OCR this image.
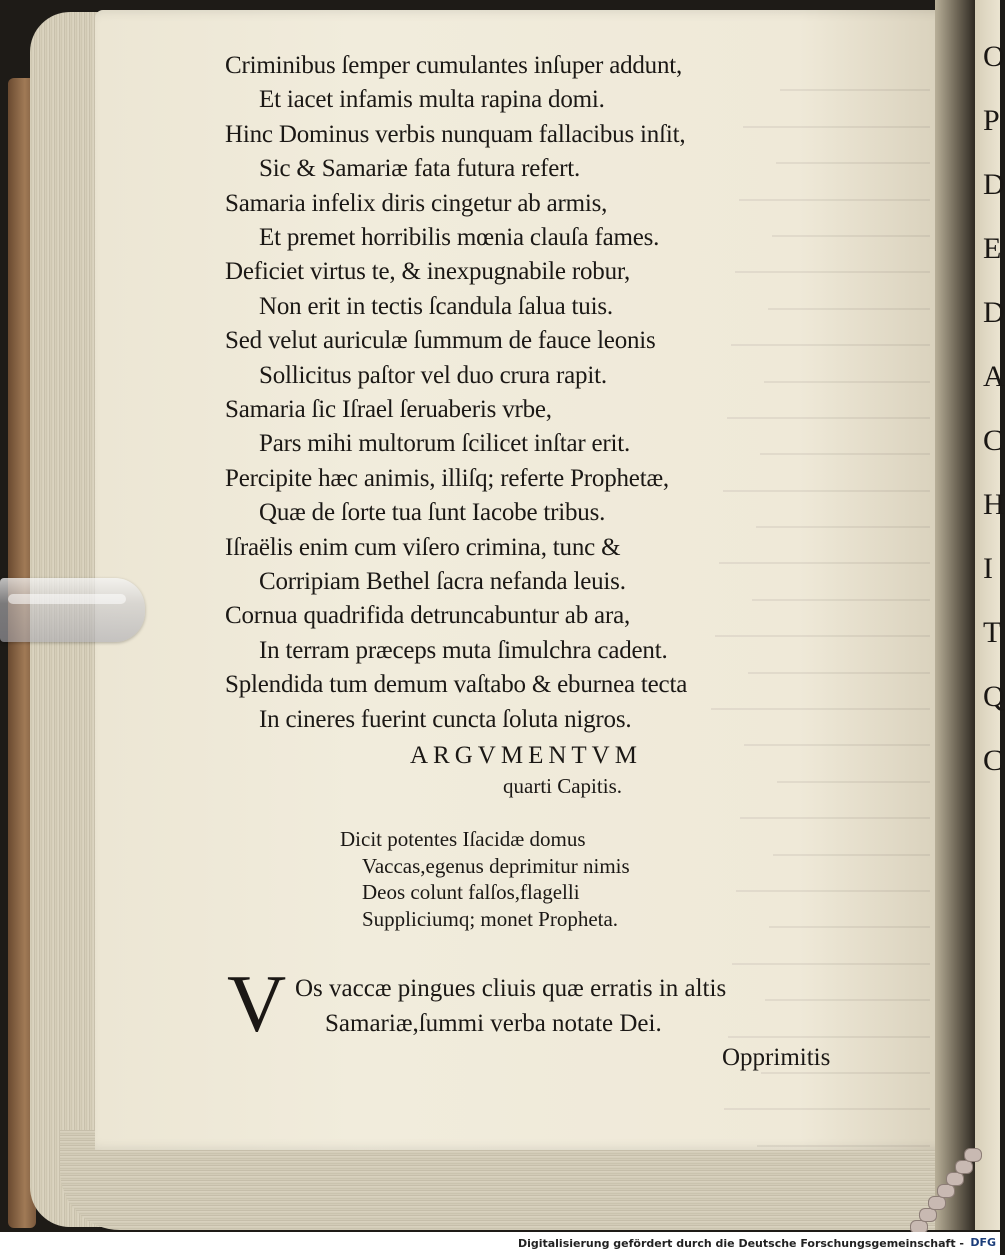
O
P
D
E
D
A
C
H
I
T
Q
C

Criminibus ſemper cumulantes inſuper addunt,
Et iacet infamis multa rapina domi.
Hinc Dominus verbis nunquam fallacibus inſit,
Sic & Samariæ fata futura refert.
Samaria infelix diris cingetur ab armis,
Et premet horribilis mœnia clauſa fames.
Deficiet virtus te, & inexpugnabile robur,
Non erit in tectis ſcandula ſalua tuis.
Sed velut auriculæ ſummum de fauce leonis
Sollicitus paſtor vel duo crura rapit.
Samaria ſic Iſrael ſeruaberis vrbe,
Pars mihi multorum ſcilicet inſtar erit.
Percipite hæc animis, illiſq; referte Prophetæ,
Quæ de ſorte tua ſunt Iacobe tribus.
Iſraëlis enim cum viſero crimina, tunc &
Corripiam Bethel ſacra nefanda leuis.
Cornua quadrifida detruncabuntur ab ara,
In terram præceps muta ſimulchra cadent.
Splendida tum demum vaſtabo & eburnea tecta
In cineres fuerint cuncta ſoluta nigros.
ARGVMENTVM
quarti Capitis.
Dicit potentes Iſacidæ domus
Vaccas,egenus deprimitur nimis
Deos colunt falſos,flagelli
Suppliciumq; monet Propheta.
V Os vaccæ pingues cliuis quæ erratis in altis
Samariæ,ſummi verba notate Dei.
Opprimitis
Digitalisierung gefördert durch die Deutsche Forschungsgemeinschaft - DFG
